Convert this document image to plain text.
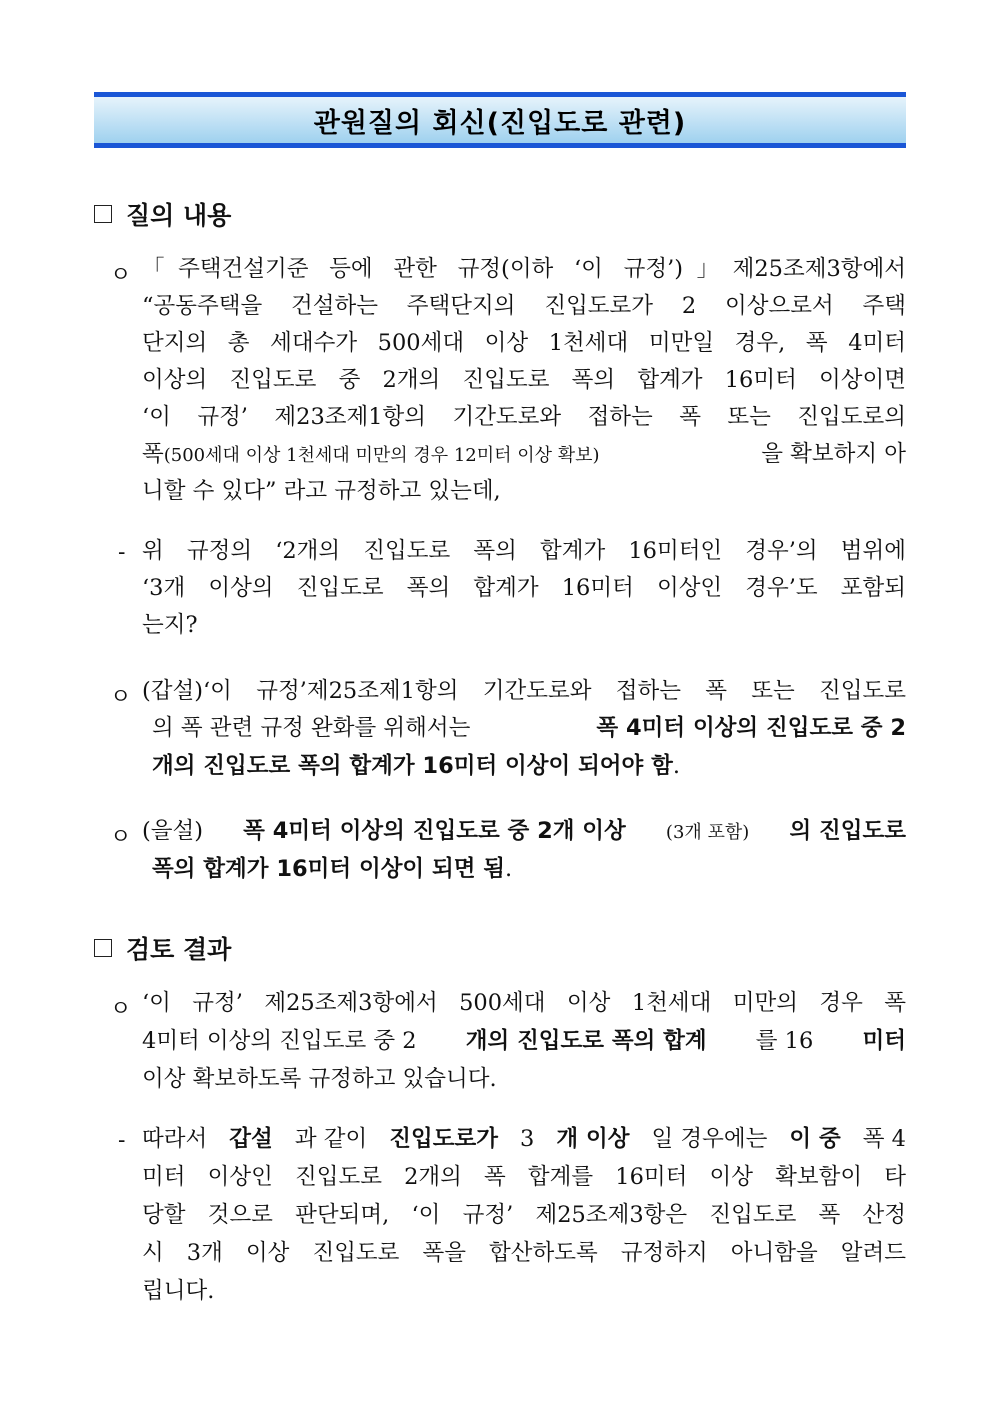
관원질의 회신(진입도로 관련)
질의 내용
ㅇ 「주택건설기준 등에 관한 규정(이하 ‘이 규정’)」제25조제3항에서
“공동주택을 건설하는 주택단지의 진입도로가 2 이상으로서 주택
단지의 총 세대수가 500세대 이상 1천세대 미만일 경우, 폭 4미터
이상의 진입도로 중 2개의 진입도로 폭의 합계가 16미터 이상이면
‘이 규정’ 제23조제1항의 기간도로와 접하는 폭 또는 진입도로의
폭(500세대 이상 1천세대 미만의 경우 12미터 이상 확보)	을 확보하지 아
니할 수 있다” 라고 규정하고 있는데,
- 위 규정의 ‘2개의 진입도로 폭의 합계가 16미터인 경우’의 범위에
‘3개 이상의 진입도로 폭의 합계가 16미터 이상인 경우’도 포함되
는지?
ㅇ (갑설)‘이 규정’제25조제1항의 기간도로와 접하는 폭 또는 진입도로
의 폭 관련 규정 완화를 위해서는	폭 4미터 이상의 진입도로 중 2
개의 진입도로 폭의 합계가 16미터 이상이 되어야 함.
ㅇ (을설) 폭 4미터 이상의 진입도로 중 2개 이상 (3개 포함) 의 진입도로
폭의 합계가 16미터 이상이 되면 됨.
검토 결과
ㅇ ‘이 규정’ 제25조제3항에서 500세대 이상 1천세대 미만의 경우 폭
4미터 이상의 진입도로 중 2 개의 진입도로 폭의 합계 를 16 미터
이상 확보하도록 규정하고 있습니다.
- 따라서 갑설 과 같이 진입도로가 3 개 이상 일 경우에는 이 중 폭 4
미터 이상인 진입도로 2개의 폭 합계를 16미터 이상 확보함이 타
당할 것으로 판단되며, ‘이 규정’ 제25조제3항은 진입도로 폭 산정
시 3개 이상 진입도로 폭을 합산하도록 규정하지 아니함을 알려드
립니다.
